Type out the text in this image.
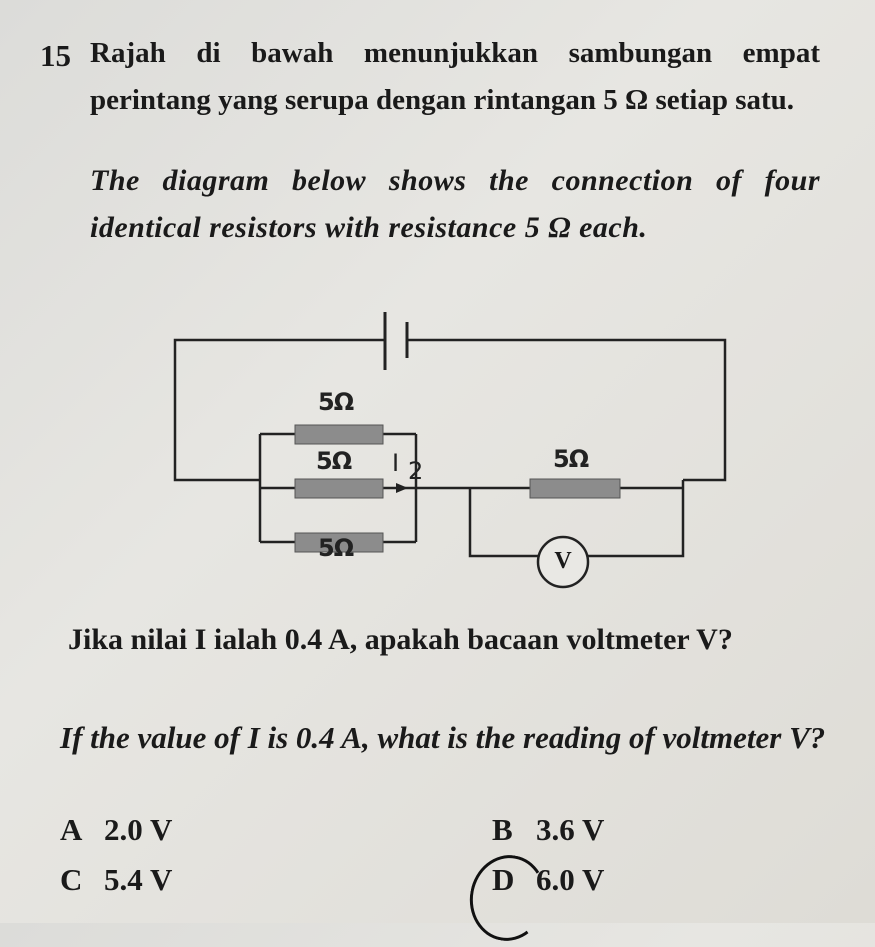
15 Rajah di bawah menunjukkan sambungan empat perintang yang serupa dengan rintangan 5 Ω setiap satu.
The diagram below shows the connection of four identical resistors with resistance 5 Ω each.
5Ω
5Ω
5Ω
5Ω
I 2
V
Jika nilai I ialah 0.4 A, apakah bacaan voltmeter V?
If the value of I is 0.4 A, what is the reading of voltmeter V?
A 2.0 V	B 3.6 V
C 5.4 V	D 6.0 V
